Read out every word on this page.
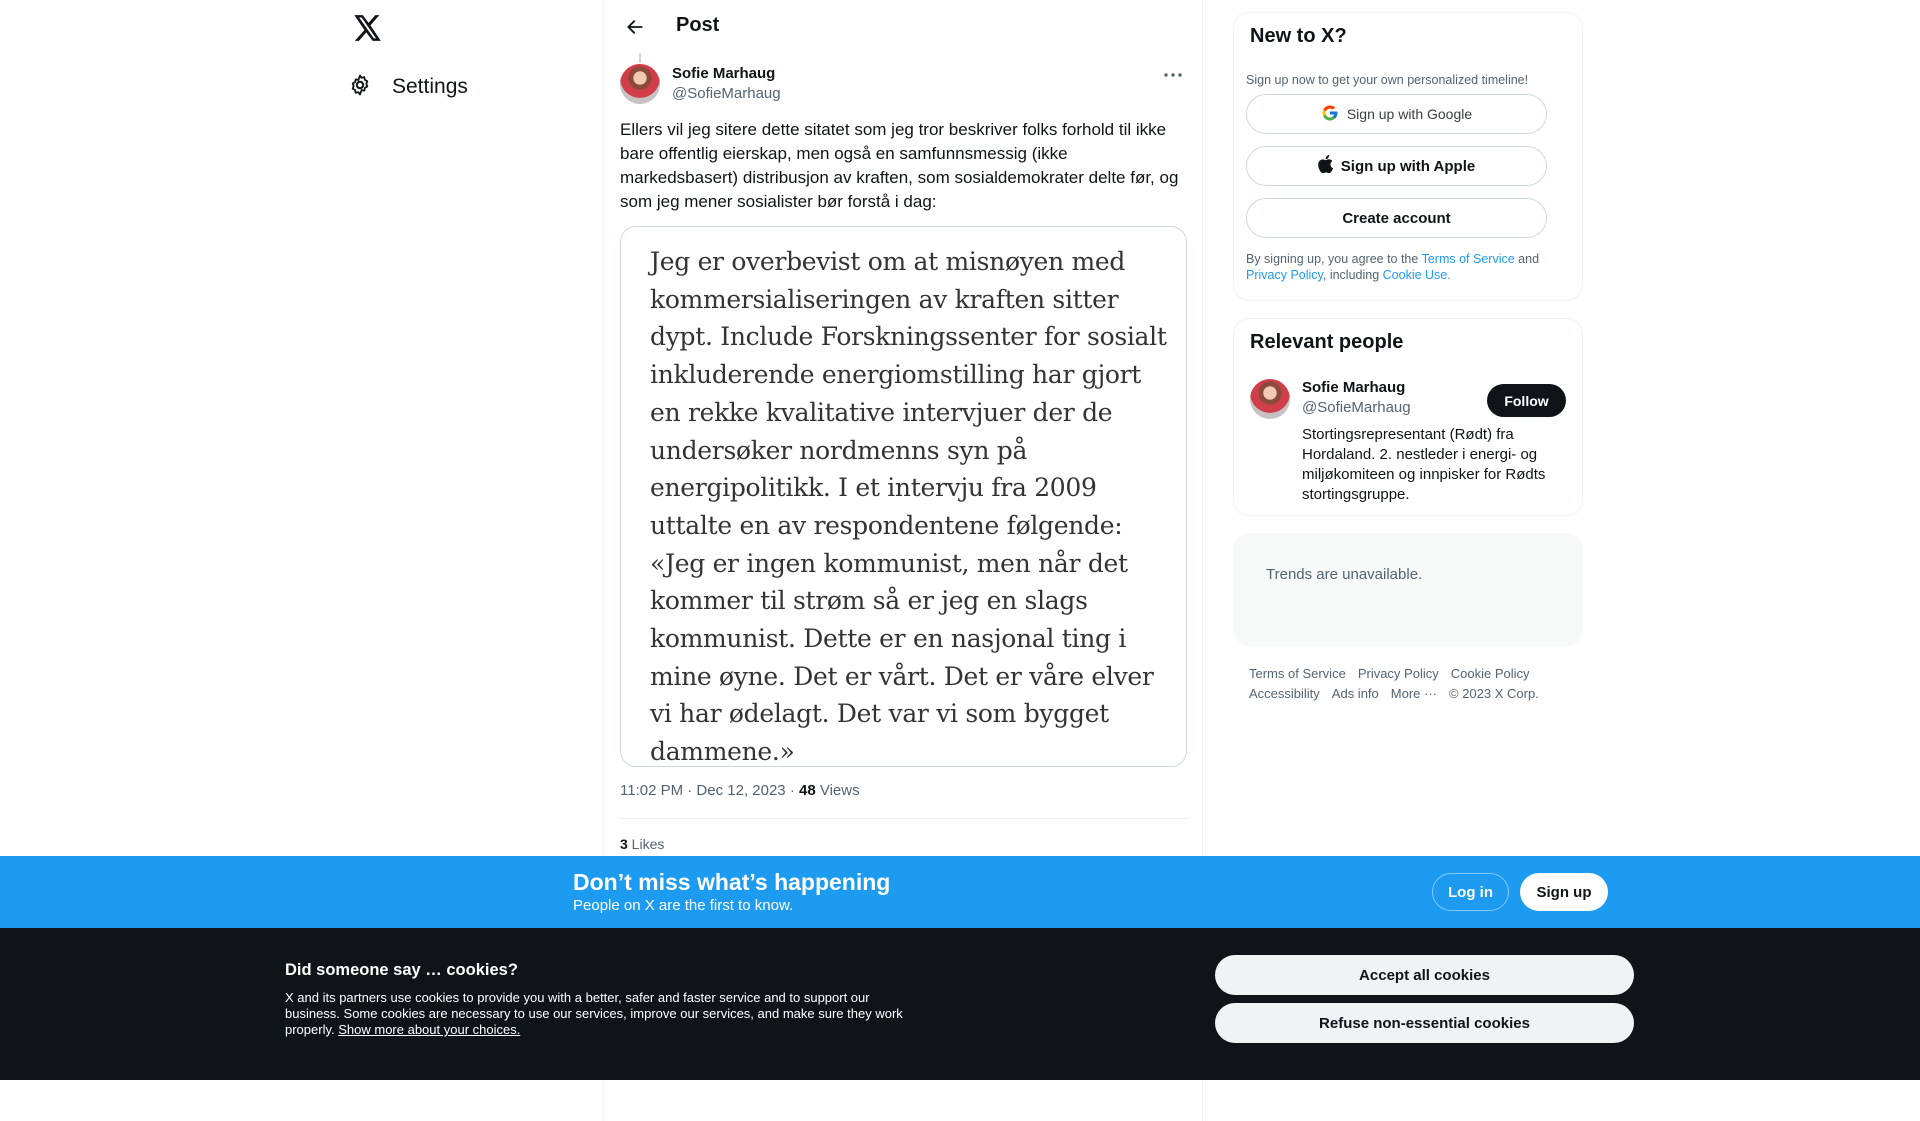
Settings
Post
Sofie Marhaug
@SofieMarhaug
Ellers vil jeg sitere dette sitatet som jeg tror beskriver folks forhold til ikke bare offentlig eierskap, men også en samfunnsmessig (ikke markedsbasert) distribusjon av kraften, som sosialdemokrater delte før, og som jeg mener sosialister bør forstå i dag:
Jeg er overbevist om at misnøyen med kommersialiseringen av kraften sitter dypt. Include Forskningssenter for sosialt inkluderende energiomstilling har gjort en rekke kvalitative intervjuer der de undersøker nordmenns syn på energipolitikk. I et intervju fra 2009 uttalte en av respondentene følgende: «Jeg er ingen kommunist, men når det kommer til strøm så er jeg en slags kommunist. Dette er en nasjonal ting i mine øyne. Det er vårt. Det er våre elver vi har ødelagt. Det var vi som bygget dammene.»
11:02 PM · Dec 12, 2023 · 48 Views
3 Likes
New to X?
Sign up now to get your own personalized timeline!
Sign up with Google
Sign up with Apple
Create account
By signing up, you agree to the Terms of Service and
Privacy Policy, including Cookie Use.
Relevant people
Sofie Marhaug
@SofieMarhaug	Follow
Stortingsrepresentant (Rødt) fra Hordaland. 2. nestleder i energi- og miljøkomiteen og innpisker for Rødts stortingsgruppe.
Trends are unavailable.
Terms of Service Privacy Policy Cookie Policy
Accessibility Ads info More ··· © 2023 X Corp.
Don’t miss what’s happening
People on X are the first to know.
Log in	Sign up
Did someone say … cookies?
X and its partners use cookies to provide you with a better, safer and faster service and to support our business. Some cookies are necessary to use our services, improve our services, and make sure they work properly. Show more about your choices.
Accept all cookies
Refuse non-essential cookies
